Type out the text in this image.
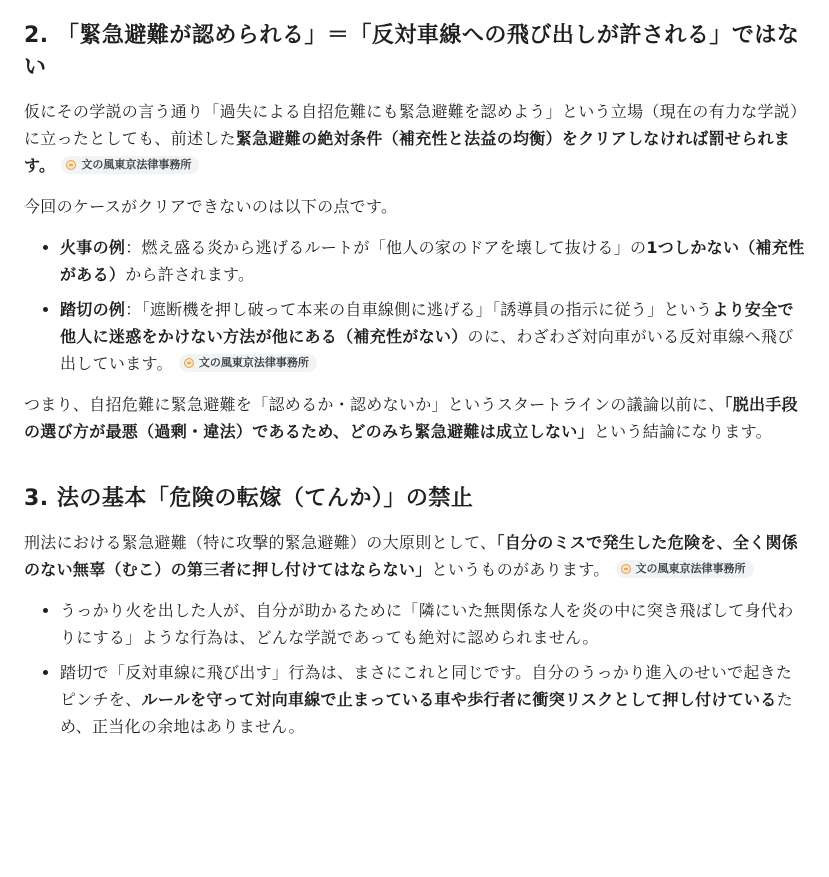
2. 「緊急避難が認められる」＝「反対車線への飛び出しが許される」ではない

仮にその学説の言う通り「過失による自招危難にも緊急避難を認めよう」という立場（現在の有力な学説）に立ったとしても、前述した緊急避難の絶対条件（補充性と法益の均衡）をクリアしなければ罰せられます。 文の風東京法律事務所

今回のケースがクリアできないのは以下の点です。

• 火事の例：燃え盛る炎から逃げるルートが「他人の家のドアを壊して抜ける」の1つしかない（補充性がある）から許されます。
• 踏切の例：「遮断機を押し破って本来の自車線側に逃げる」「誘導員の指示に従う」というより安全で他人に迷惑をかけない方法が他にある（補充性がない）のに、わざわざ対向車がいる反対車線へ飛び出しています。 文の風東京法律事務所

つまり、自招危難に緊急避難を「認めるか・認めないか」というスタートラインの議論以前に、「脱出手段の選び方が最悪（過剰・違法）であるため、どのみち緊急避難は成立しない」という結論になります。

3. 法の基本「危険の転嫁（てんか）」の禁止

刑法における緊急避難（特に攻撃的緊急避難）の大原則として、「自分のミスで発生した危険を、全く関係のない無辜（むこ）の第三者に押し付けてはならない」というものがあります。 文の風東京法律事務所

• うっかり火を出した人が、自分が助かるために「隣にいた無関係な人を炎の中に突き飛ばして身代わりにする」ような行為は、どんな学説であっても絶対に認められません。
• 踏切で「反対車線に飛び出す」行為は、まさにこれと同じです。自分のうっかり進入のせいで起きたピンチを、ルールを守って対向車線で止まっている車や歩行者に衝突リスクとして押し付けているため、正当化の余地はありません。
